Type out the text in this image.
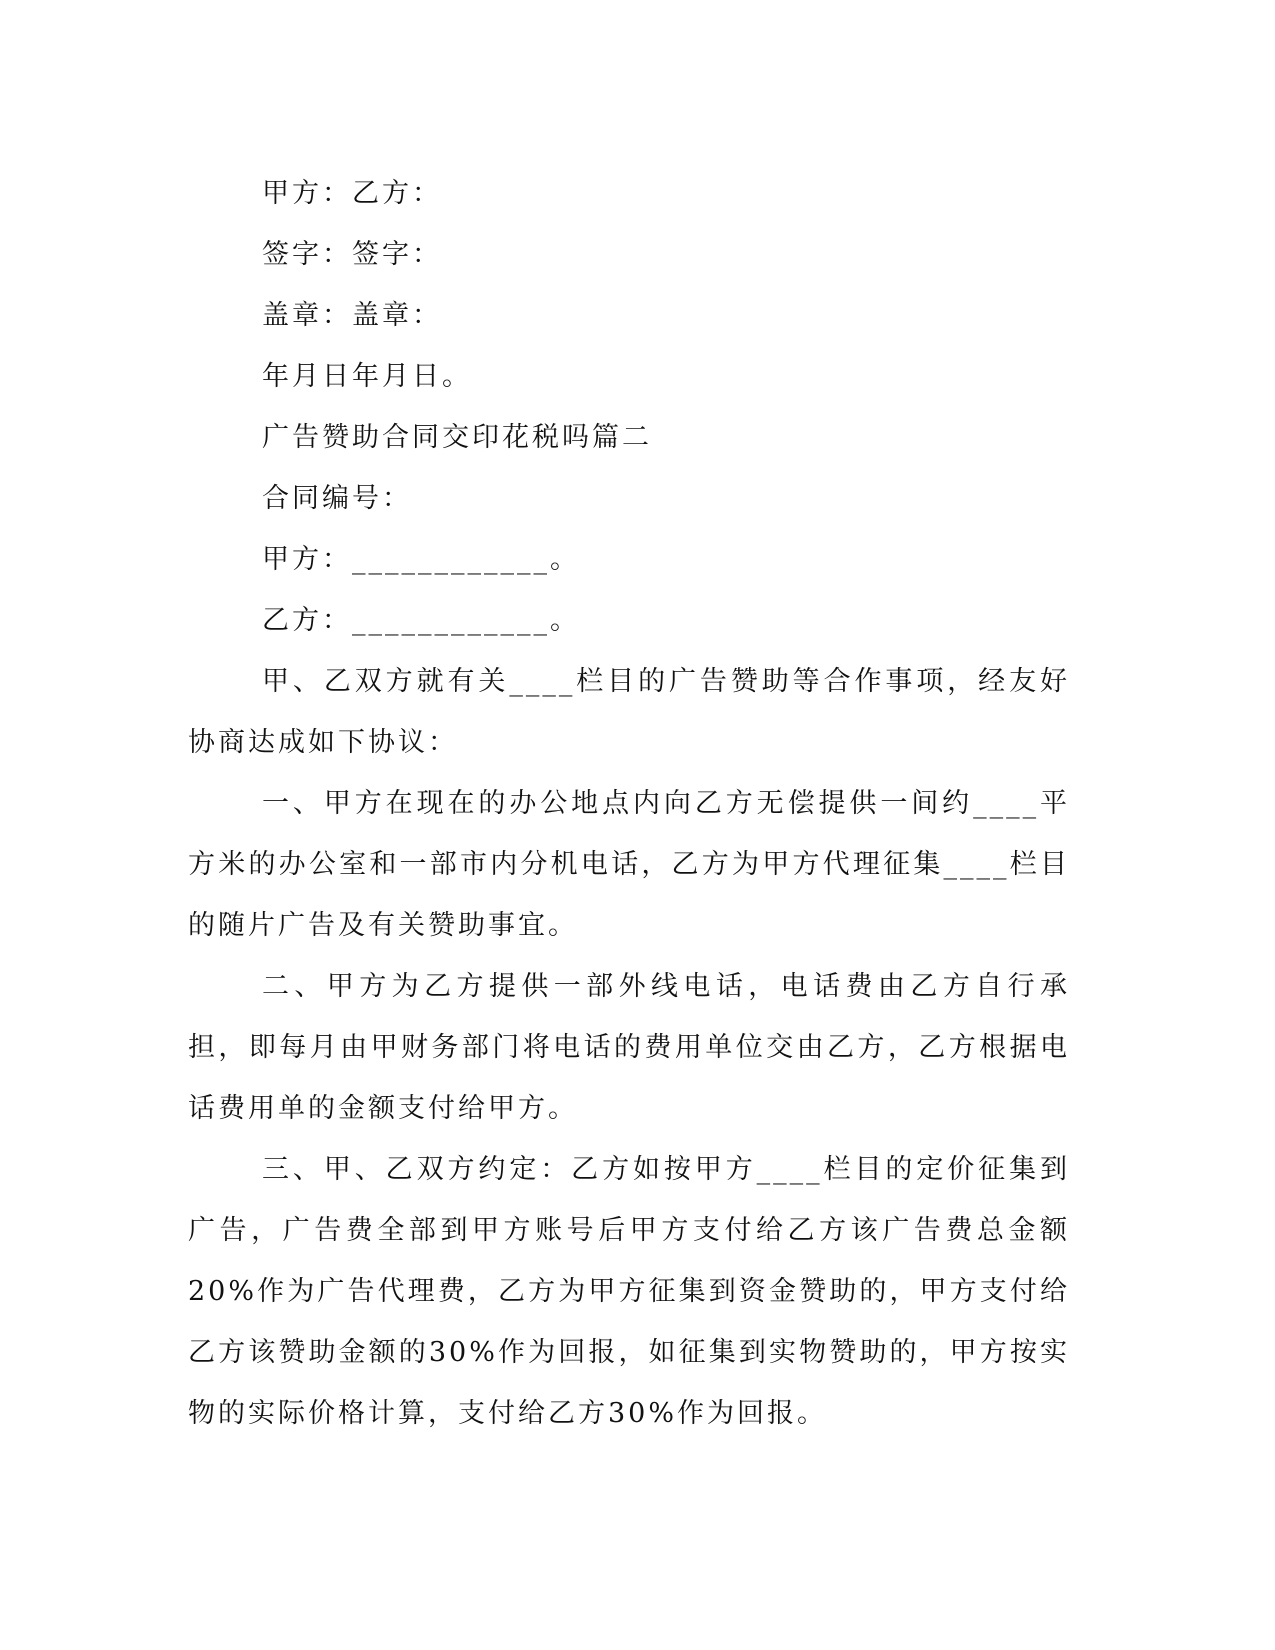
甲方：乙方：

签字：签字：

盖章：盖章：

年月日年月日。

广告赞助合同交印花税吗篇二

合同编号：

甲方：____________。

乙方：____________。

甲、乙双方就有关____栏目的广告赞助等合作事项，经友好协商达成如下协议：

一、甲方在现在的办公地点内向乙方无偿提供一间约____平方米的办公室和一部市内分机电话，乙方为甲方代理征集____栏目的随片广告及有关赞助事宜。

二、甲方为乙方提供一部外线电话，电话费由乙方自行承担，即每月由甲财务部门将电话的费用单位交由乙方，乙方根据电话费用单的金额支付给甲方。

三、甲、乙双方约定：乙方如按甲方____栏目的定价征集到广告，广告费全部到甲方账号后甲方支付给乙方该广告费总金额20%作为广告代理费，乙方为甲方征集到资金赞助的，甲方支付给乙方该赞助金额的30%作为回报，如征集到实物赞助的，甲方按实物的实际价格计算，支付给乙方30%作为回报。
